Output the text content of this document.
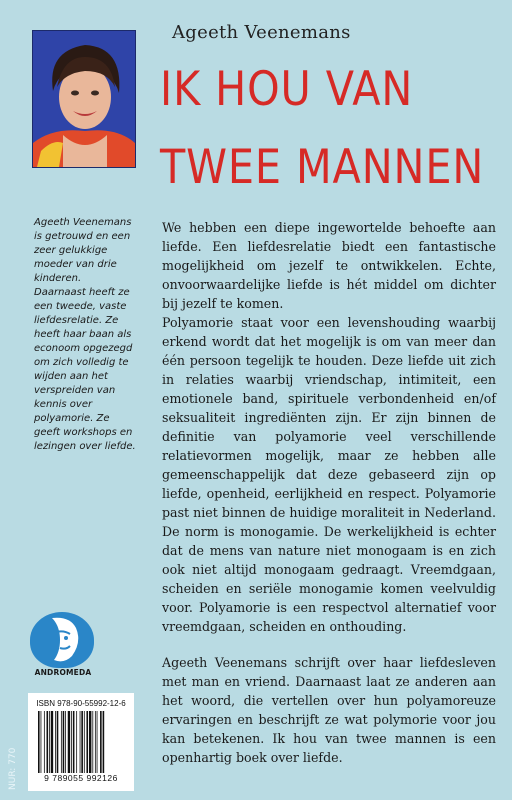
Ageeth Veenemans
IK HOU VAN
TWEE MANNEN
Ageeth Veenemans is getrouwd en een zeer gelukkige moeder van drie kinderen. Daarnaast heeft ze een tweede, vaste liefdesrelatie. Ze heeft haar baan als econoom opgezegd om zich volledig te wijden aan het verspreiden van kennis over polyamorie. Ze geeft workshops en lezingen over liefde.

We hebben een diepe ingewortelde behoefte aan liefde. Een liefdesrelatie biedt een fantastische mogelijkheid om jezelf te ontwikkelen. Echte, onvoorwaardelijke liefde is hét middel om dichter bij jezelf te komen.

Polyamorie staat voor een levenshouding waarbij erkend wordt dat het mogelijk is om van meer dan één persoon tegelijk te houden. Deze liefde uit zich in relaties waarbij vriendschap, intimiteit, een emotionele band, spirituele verbondenheid en/of seksualiteit ingrediënten zijn. Er zijn binnen de definitie van polyamorie veel verschillende relatievormen mogelijk, maar ze hebben alle gemeenschappelijk dat deze gebaseerd zijn op liefde, openheid, eerlijkheid en respect. Polyamorie past niet binnen de huidige moraliteit in Nederland. De norm is monogamie. De werkelijkheid is echter dat de mens van nature niet monogaam is en zich ook niet altijd monogaam gedraagt. Vreemdgaan, scheiden en seriële monogamie komen veelvuldig voor. Polyamorie is een respectvol alternatief voor vreemdgaan, scheiden en onthouding.

Ageeth Veenemans schrijft over haar liefdesleven met man en vriend. Daarnaast laat ze anderen aan het woord, die vertellen over hun polyamoreuze ervaringen en beschrijft ze wat polymorie voor jou kan betekenen. Ik hou van twee mannen is een openhartig boek over liefde.

ANDROMEDA
NUR: 770
ISBN 978-90-55992-12-6
9 789055 992126
